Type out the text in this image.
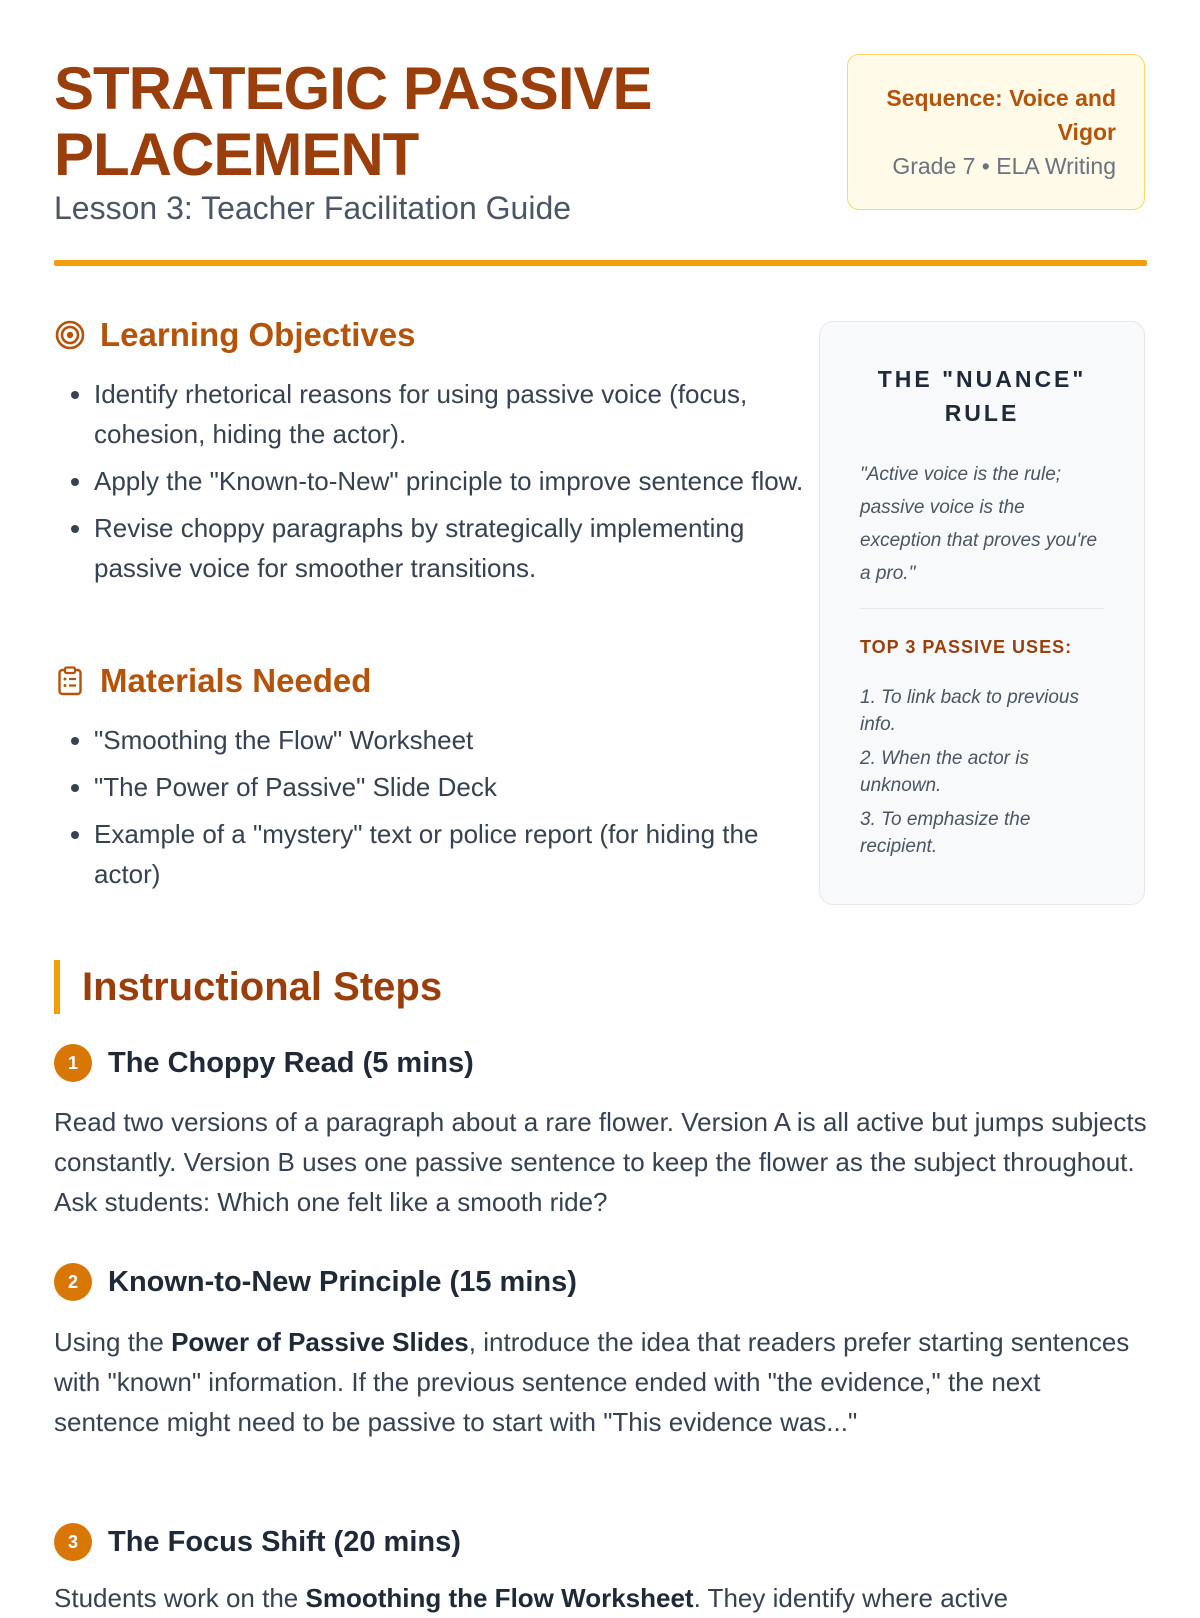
STRATEGIC PASSIVE PLACEMENT
Lesson 3: Teacher Facilitation Guide
Sequence: Voice and Vigor
Grade 7 • ELA Writing
Learning Objectives
• Identify rhetorical reasons for using passive voice (focus, cohesion, hiding the actor).
• Apply the "Known-to-New" principle to improve sentence flow.
• Revise choppy paragraphs by strategically implementing passive voice for smoother transitions.
Materials Needed
• "Smoothing the Flow" Worksheet
• "The Power of Passive" Slide Deck
• Example of a "mystery" text or police report (for hiding the actor)
THE "NUANCE" RULE

"Active voice is the rule; passive voice is the exception that proves you're a pro."

TOP 3 PASSIVE USES:
1. To link back to previous info.
2. When the actor is unknown.
3. To emphasize the recipient.
Instructional Steps
1	The Choppy Read (5 mins)

Read two versions of a paragraph about a rare flower. Version A is all active but jumps subjects constantly. Version B uses one passive sentence to keep the flower as the subject throughout. Ask students: Which one felt like a smooth ride?

2	Known-to-New Principle (15 mins)

Using the Power of Passive Slides, introduce the idea that readers prefer starting sentences with "known" information. If the previous sentence ended with "the evidence," the next sentence might need to be passive to start with "This evidence was..."

3	The Focus Shift (20 mins)

Students work on the Smoothing the Flow Worksheet. They identify where active
